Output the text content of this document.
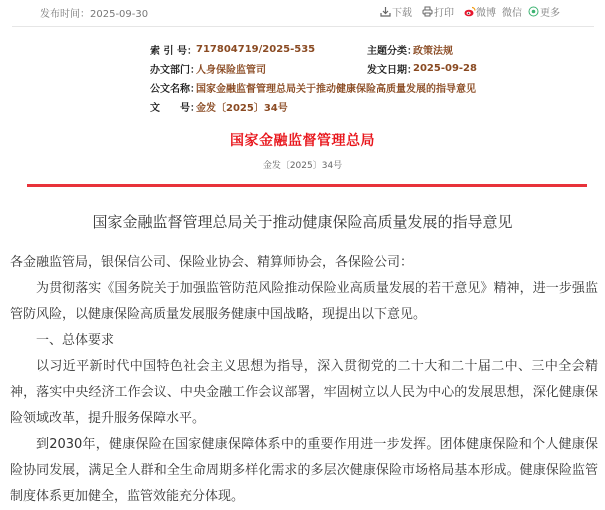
发布时间：2025-09-30	下载 打印 微博 微信 更多
索 引 号： 717804719/2025-535	主题分类：
政策法规
办文部门：
人身保险监管司	发文日期：
2025-09-28
公文名称：
国家金融监督管理总局关于推动健康保险高质量发展的指导意见
文　　号：
金发〔2025〕34号
国家金融监督管理总局
金发〔2025〕34号
国家金融监督管理总局关于推动健康保险高质量发展的指导意见

各金融监管局，银保信公司、保险业协会、精算师协会，各保险公司：

为贯彻落实《国务院关于加强监管防范风险推动保险业高质量发展的若干意见》精神，进一步强监管防风险，以健康保险高质量发展服务健康中国战略，现提出以下意见。

一、总体要求

以习近平新时代中国特色社会主义思想为指导，深入贯彻党的二十大和二十届二中、三中全会精神，落实中央经济工作会议、中央金融工作会议部署，牢固树立以人民为中心的发展思想，深化健康保险领域改革，提升服务保障水平。

到2030年，健康保险在国家健康保障体系中的重要作用进一步发挥。团体健康保险和个人健康保险协同发展，满足全人群和全生命周期多样化需求的多层次健康保险市场格局基本形成。健康保险监管制度体系更加健全，监管效能充分体现。
